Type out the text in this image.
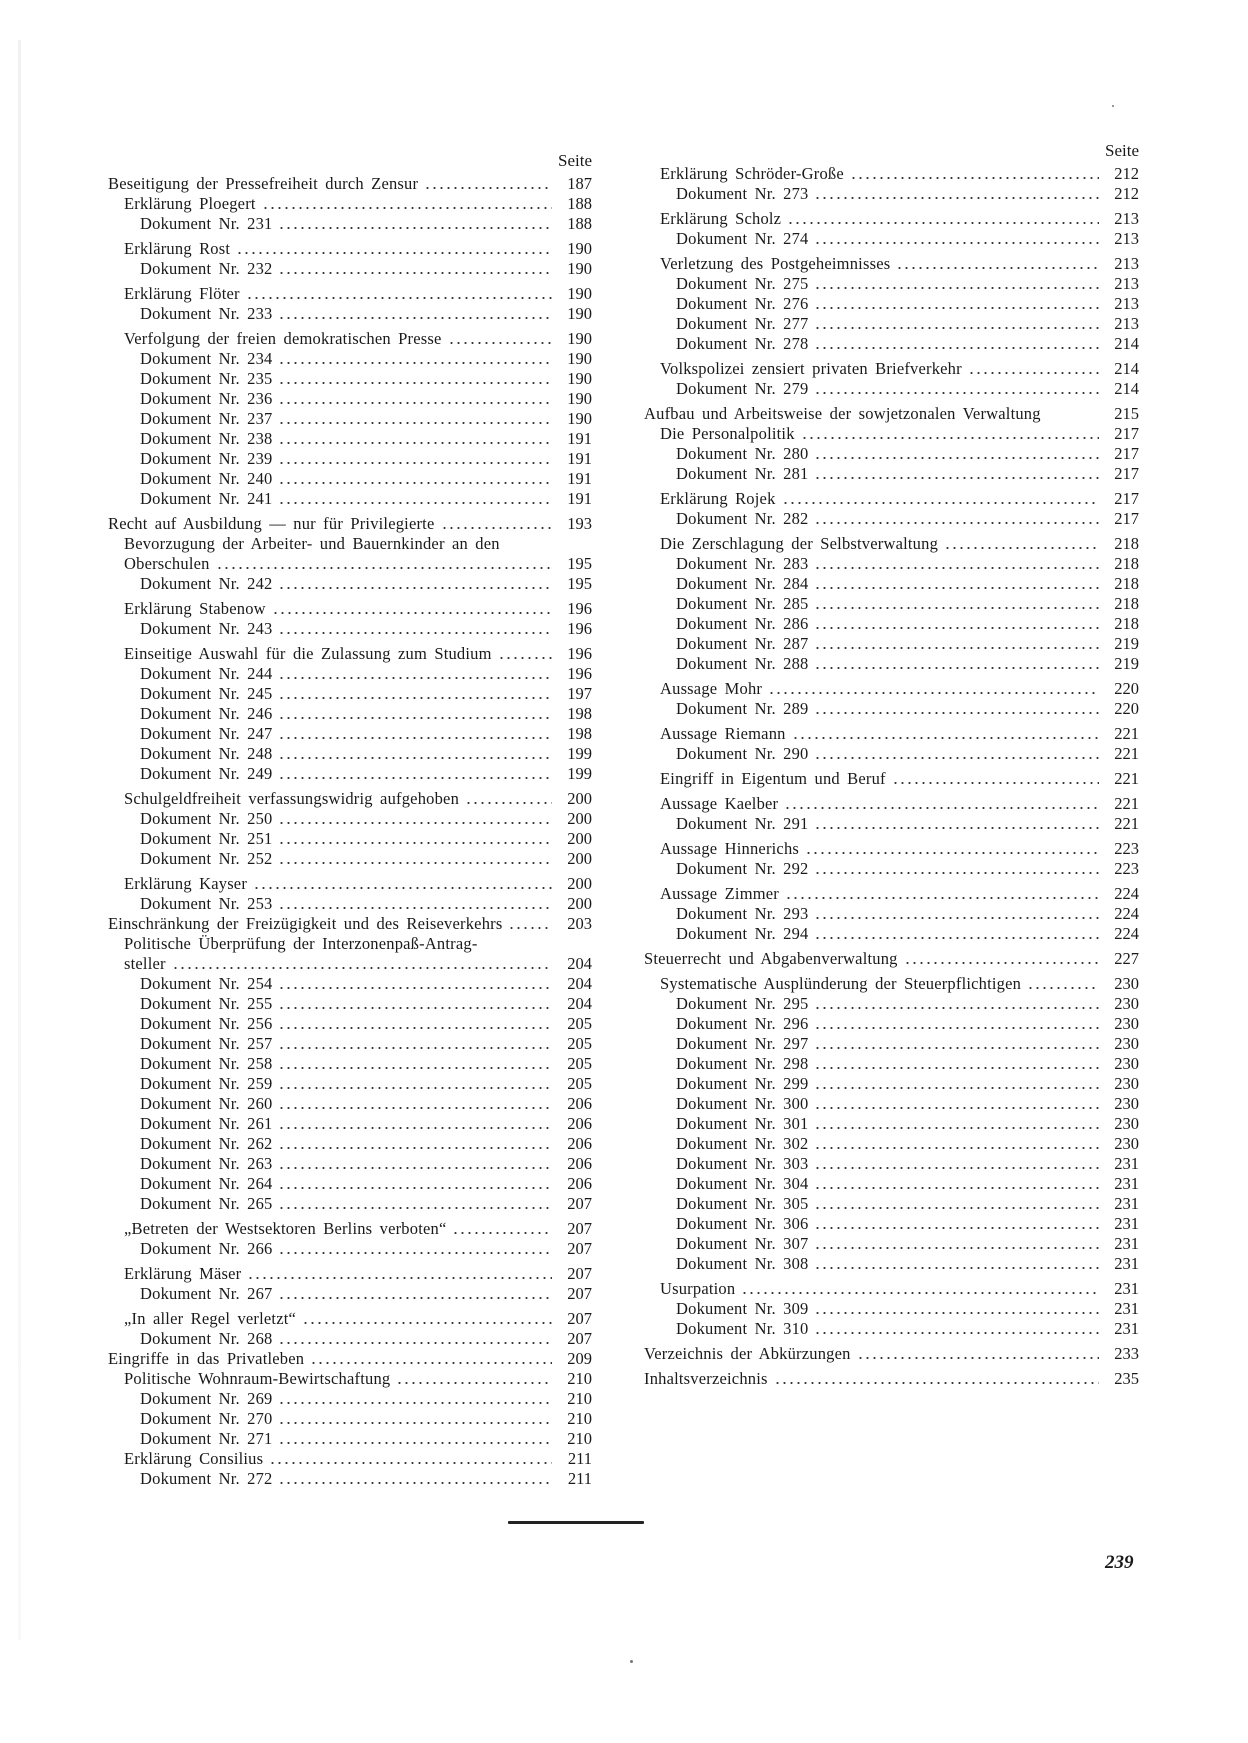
Seite
Beseitigung der Pressefreiheit durch Zensur	187
Erklärung Ploegert	188
Dokument Nr. 231	188
Erklärung Rost	190
Dokument Nr. 232	190
Erklärung Flöter	190
Dokument Nr. 233	190
Verfolgung der freien demokratischen Presse	190
Dokument Nr. 234	190
Dokument Nr. 235	190
Dokument Nr. 236	190
Dokument Nr. 237	190
Dokument Nr. 238	191
Dokument Nr. 239	191
Dokument Nr. 240	191
Dokument Nr. 241	191
Recht auf Ausbildung — nur für Privilegierte	193
Bevorzugung der Arbeiter- und Bauernkinder an den
Oberschulen	195
Dokument Nr. 242	195
Erklärung Stabenow	196
Dokument Nr. 243	196
Einseitige Auswahl für die Zulassung zum Studium	196
Dokument Nr. 244	196
Dokument Nr. 245	197
Dokument Nr. 246	198
Dokument Nr. 247	198
Dokument Nr. 248	199
Dokument Nr. 249	199
Schulgeldfreiheit verfassungswidrig aufgehoben	200
Dokument Nr. 250	200
Dokument Nr. 251	200
Dokument Nr. 252	200
Erklärung Kayser	200
Dokument Nr. 253	200
Einschränkung der Freizügigkeit und des Reiseverkehrs	203
Politische Überprüfung der Interzonenpaß-Antrag-
steller	204
Dokument Nr. 254	204
Dokument Nr. 255	204
Dokument Nr. 256	205
Dokument Nr. 257	205
Dokument Nr. 258	205
Dokument Nr. 259	205
Dokument Nr. 260	206
Dokument Nr. 261	206
Dokument Nr. 262	206
Dokument Nr. 263	206
Dokument Nr. 264	206
Dokument Nr. 265	207
„Betreten der Westsektoren Berlins verboten“	207
Dokument Nr. 266	207
Erklärung Mäser	207
Dokument Nr. 267	207
„In aller Regel verletzt“	207
Dokument Nr. 268	207
Eingriffe in das Privatleben	209
Politische Wohnraum-Bewirtschaftung	210
Dokument Nr. 269	210
Dokument Nr. 270	210
Dokument Nr. 271	210
Erklärung Consilius	211
Dokument Nr. 272	211
Seite
Erklärung Schröder-Große	212
Dokument Nr. 273	212
Erklärung Scholz	213
Dokument Nr. 274	213
Verletzung des Postgeheimnisses	213
Dokument Nr. 275	213
Dokument Nr. 276	213
Dokument Nr. 277	213
Dokument Nr. 278	214
Volkspolizei zensiert privaten Briefverkehr	214
Dokument Nr. 279	214
Aufbau und Arbeitsweise der sowjetzonalen Verwaltung	215
Die Personalpolitik	217
Dokument Nr. 280	217
Dokument Nr. 281	217
Erklärung Rojek	217
Dokument Nr. 282	217
Die Zerschlagung der Selbstverwaltung	218
Dokument Nr. 283	218
Dokument Nr. 284	218
Dokument Nr. 285	218
Dokument Nr. 286	218
Dokument Nr. 287	219
Dokument Nr. 288	219
Aussage Mohr	220
Dokument Nr. 289	220
Aussage Riemann	221
Dokument Nr. 290	221
Eingriff in Eigentum und Beruf	221
Aussage Kaelber	221
Dokument Nr. 291	221
Aussage Hinnerichs	223
Dokument Nr. 292	223
Aussage Zimmer	224
Dokument Nr. 293	224
Dokument Nr. 294	224
Steuerrecht und Abgabenverwaltung	227
Systematische Ausplünderung der Steuerpflichtigen	230
Dokument Nr. 295	230
Dokument Nr. 296	230
Dokument Nr. 297	230
Dokument Nr. 298	230
Dokument Nr. 299	230
Dokument Nr. 300	230
Dokument Nr. 301	230
Dokument Nr. 302	230
Dokument Nr. 303	231
Dokument Nr. 304	231
Dokument Nr. 305	231
Dokument Nr. 306	231
Dokument Nr. 307	231
Dokument Nr. 308	231
Usurpation	231
Dokument Nr. 309	231
Dokument Nr. 310	231
Verzeichnis der Abkürzungen	233
Inhaltsverzeichnis	235
239
